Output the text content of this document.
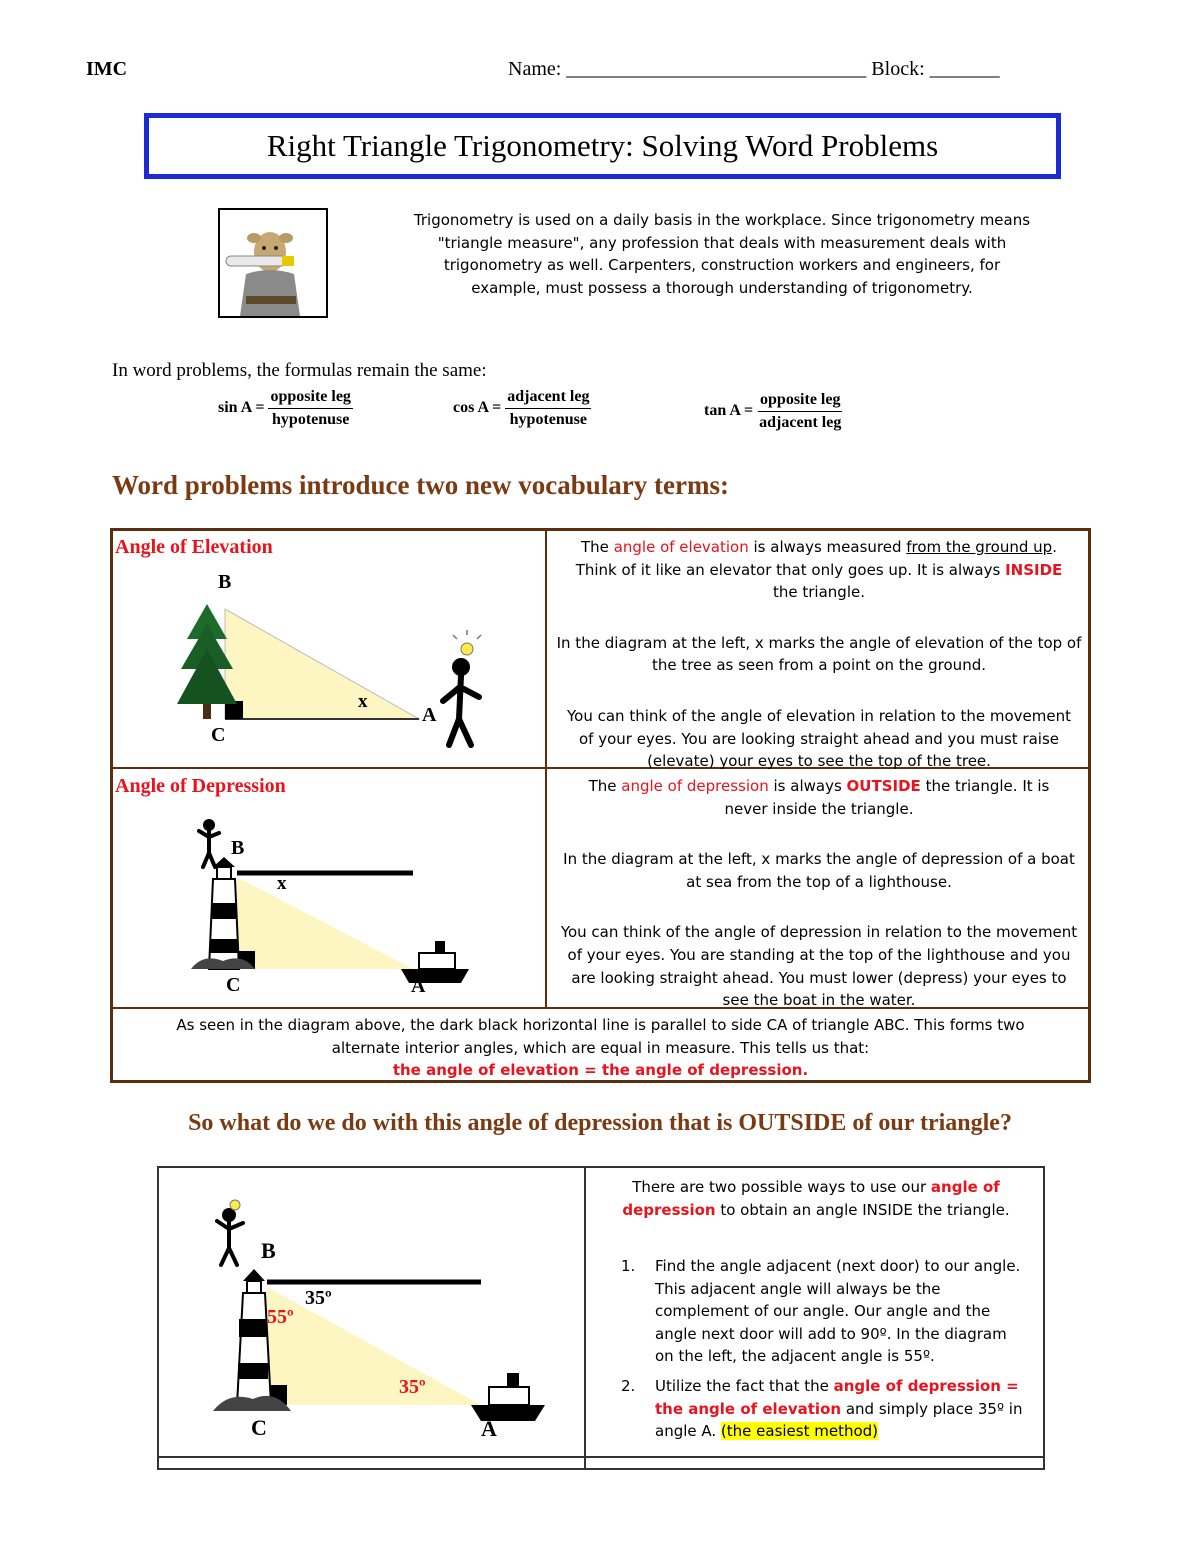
IMC	Name: ______________________________ Block: _______
Right Triangle Trigonometry: Solving Word Problems
Trigonometry is used on a daily basis in the workplace. Since trigonometry means
"triangle measure", any profession that deals with measurement deals with
trigonometry as well. Carpenters, construction workers and engineers, for
example, must possess a thorough understanding of trigonometry.
In word problems, the formulas remain the same:
$\sin A = \frac{\text{opposite leg}}{\text{hypotenuse}}$	$\cos A = \frac{\text{adjacent leg}}{\text{hypotenuse}}$	$\tan A = \frac{\text{opposite leg}}{\text{adjacent leg}}$
Word problems introduce two new vocabulary terms:
Angle of Elevation
B
C
A
x
The angle of elevation is always measured from the ground up.
Think of it like an elevator that only goes up. It is always INSIDE
the triangle.
In the diagram at the left, x marks the angle of elevation of the top of
the tree as seen from a point on the ground.
You can think of the angle of elevation in relation to the movement
of your eyes. You are looking straight ahead and you must raise
(elevate) your eyes to see the top of the tree.
Angle of Depression
B
C	A
x
The angle of depression is always OUTSIDE the triangle. It is
never inside the triangle.
In the diagram at the left, x marks the angle of depression of a boat
at sea from the top of a lighthouse.
You can think of the angle of depression in relation to the movement
of your eyes. You are standing at the top of the lighthouse and you
are looking straight ahead. You must lower (depress) your eyes to
see the boat in the water.
As seen in the diagram above, the dark black horizontal line is parallel to side CA of triangle ABC. This forms two
alternate interior angles, which are equal in measure. This tells us that:
the angle of elevation = the angle of depression.
So what do we do with this angle of depression that is OUTSIDE of our triangle?
B
C	A
35º
55º
35º
There are two possible ways to use our angle of
depression to obtain an angle INSIDE the triangle.
1. Find the angle adjacent (next door) to our angle.
This adjacent angle will always be the
complement of our angle. Our angle and the
angle next door will add to 90º. In the diagram
on the left, the adjacent angle is 55º.
2. Utilize the fact that the angle of depression =
the angle of elevation and simply place 35º in
angle A. (the easiest method)
